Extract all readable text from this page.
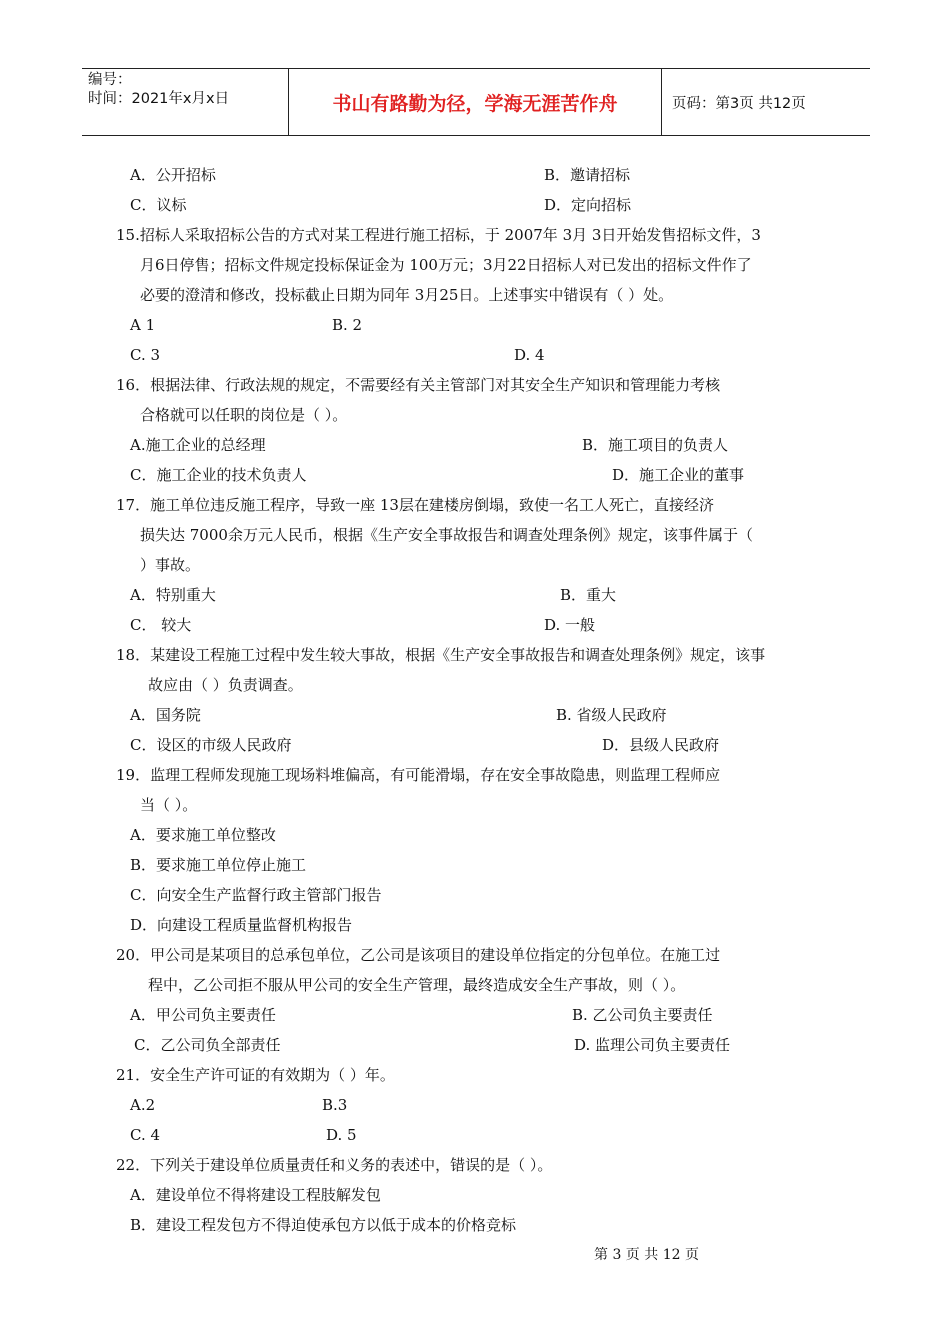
编号：
时间：2021年x月x日	书山有路勤为径，学海无涯苦作舟	页码：第3页 共12页
A．公开招标	B．邀请招标
C．议标	D．定向招标
15.招标人采取招标公告的方式对某工程进行施工招标，于 2007年 3月 3日开始发售招标文件，3
月6日停售；招标文件规定投标保证金为 100万元；3月22日招标人对已发出的招标文件作了
必要的澄清和修改，投标截止日期为同年 3月25日。上述事实中错误有（ ）处。
A 1	B. 2
C. 3	D. 4
16．根据法律、行政法规的规定，不需要经有关主管部门对其安全生产知识和管理能力考核
合格就可以任职的岗位是（ ）。
A.施工企业的总经理	B．施工项目的负责人
C．施工企业的技术负责人	D．施工企业的董事
17．施工单位违反施工程序，导致一座 13层在建楼房倒塌，致使一名工人死亡，直接经济
损失达 7000余万元人民币，根据《生产安全事故报告和调查处理条例》规定，该事件属于（
）事故。
A．特别重大	B．重大
C． 较大	D. 一般
18．某建设工程施工过程中发生较大事故，根据《生产安全事故报告和调查处理条例》规定，该事
故应由（ ）负责调查。
A．国务院	B. 省级人民政府
C．设区的市级人民政府	D．县级人民政府
19．监理工程师发现施工现场料堆偏高，有可能滑塌，存在安全事故隐患，则监理工程师应
当（ ）。
A．要求施工单位整改
B．要求施工单位停止施工
C．向安全生产监督行政主管部门报告
D．向建设工程质量监督机构报告
20．甲公司是某项目的总承包单位，乙公司是该项目的建设单位指定的分包单位。在施工过
程中，乙公司拒不服从甲公司的安全生产管理，最终造成安全生产事故，则（ ）。
A．甲公司负主要责任	B. 乙公司负主要责任
C．乙公司负全部责任	D. 监理公司负主要责任
21．安全生产许可证的有效期为（ ）年。
A.2	B.3
C. 4	D. 5
22．下列关于建设单位质量责任和义务的表述中，错误的是（ ）。
A．建设单位不得将建设工程肢解发包
B．建设工程发包方不得迫使承包方以低于成本的价格竞标
第 3 页 共 12 页
